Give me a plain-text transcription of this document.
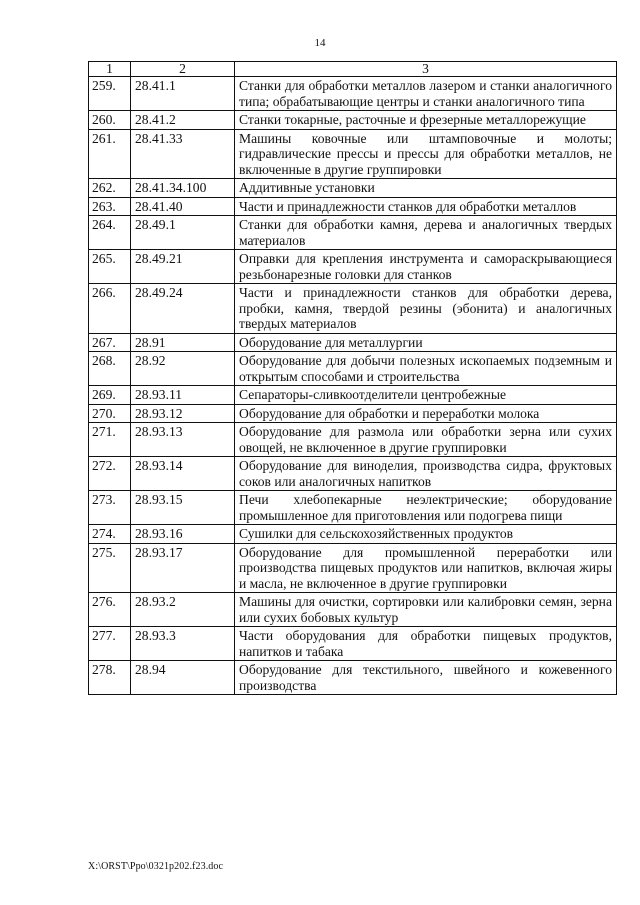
14
1	2	3
259.	28.41.1	Станки для обработки металлов лазером и станки аналогичного типа; обрабатывающие центры и станки аналогичного типа
260.	28.41.2	Станки токарные, расточные и фрезерные металлорежущие
261.	28.41.33	Машины ковочные или штамповочные и молоты; гидравлические прессы и прессы для обработки металлов, не включенные в другие группировки
262.	28.41.34.100	Аддитивные установки
263.	28.41.40	Части и принадлежности станков для обработки металлов
264.	28.49.1	Станки для обработки камня, дерева и аналогичных твердых материалов
265.	28.49.21	Оправки для крепления инструмента и самораскрывающиеся резьбонарезные головки для станков
266.	28.49.24	Части и принадлежности станков для обработки дерева, пробки, камня, твердой резины (эбонита) и аналогичных твердых материалов
267.	28.91	Оборудование для металлургии
268.	28.92	Оборудование для добычи полезных ископаемых подземным и открытым способами и строительства
269.	28.93.11	Сепараторы-сливкоотделители центробежные
270.	28.93.12	Оборудование для обработки и переработки молока
271.	28.93.13	Оборудование для размола или обработки зерна или сухих овощей, не включенное в другие группировки
272.	28.93.14	Оборудование для виноделия, производства сидра, фруктовых соков или аналогичных напитков
273.	28.93.15	Печи хлебопекарные неэлектрические; оборудование промышленное для приготовления или подогрева пищи
274.	28.93.16	Сушилки для сельскохозяйственных продуктов
275.	28.93.17	Оборудование для промышленной переработки или производства пищевых продуктов или напитков, включая жиры и масла, не включенное в другие группировки
276.	28.93.2	Машины для очистки, сортировки или калибровки семян, зерна или сухих бобовых культур
277.	28.93.3	Части оборудования для обработки пищевых продуктов, напитков и табака
278.	28.94	Оборудование для текстильного, швейного и кожевенного производства
X:\ORST\Ppo\0321p202.f23.doc
